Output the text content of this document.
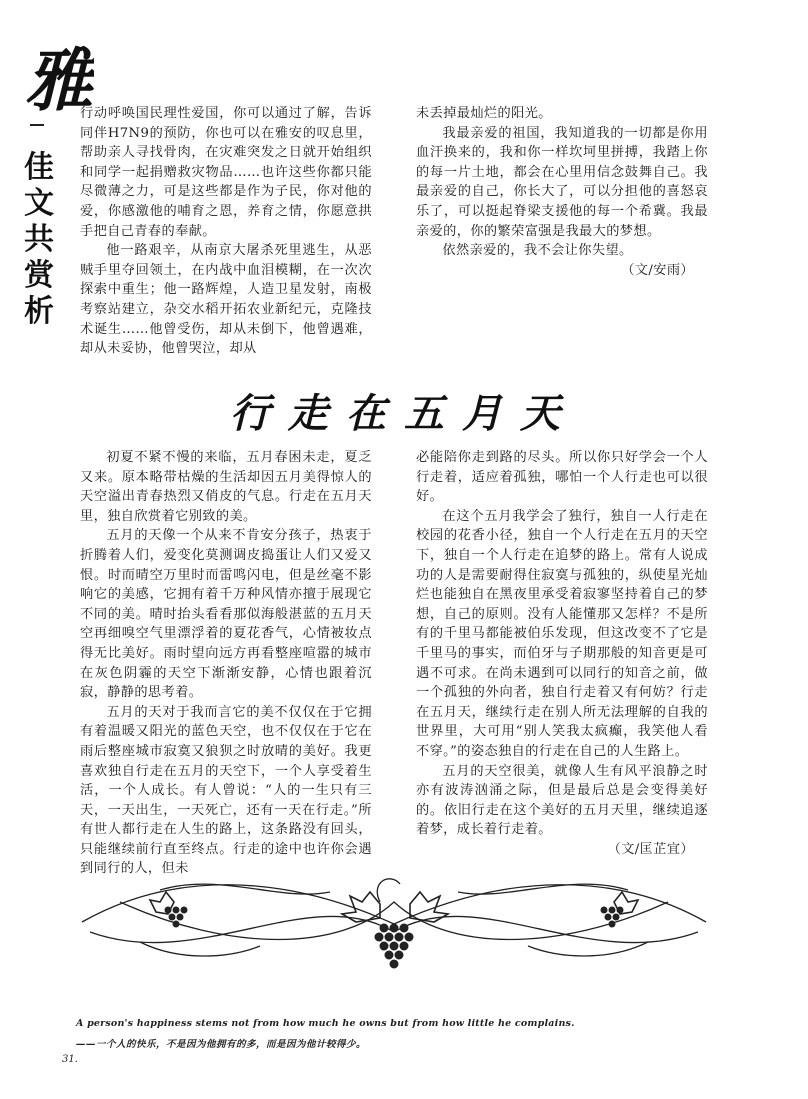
雅
佳文共赏析

行动呼唤国民理性爱国，你可以通过了解，告诉同伴H7N9的预防，你也可以在雅安的叹息里，帮助亲人寻找骨肉，在灾难突发之日就开始组织和同学一起捐赠救灾物品……也许这些你都只能尽微薄之力，可是这些都是作为子民，你对他的爱，你感激他的哺育之恩，养育之情，你愿意拱手把自己青春的奉献。

他一路艰辛，从南京大屠杀死里逃生，从恶贼手里夺回领土，在内战中血泪模糊，在一次次探索中重生；他一路辉煌，人造卫星发射，南极考察站建立，杂交水稻开拓农业新纪元，克隆技术诞生……他曾受伤，却从未倒下，他曾遇难，却从未妥协，他曾哭泣，却从

未丢掉最灿烂的阳光。

我最亲爱的祖国，我知道我的一切都是你用血汗换来的，我和你一样坎坷里拼搏，我踏上你的每一片土地，都会在心里用信念鼓舞自己。我最亲爱的自己，你长大了，可以分担他的喜怒哀乐了，可以挺起脊梁支援他的每一个希冀。我最亲爱的，你的繁荣富强是我最大的梦想。

依然亲爱的，我不会让你失望。

（文/安雨）

行走在五月天

初夏不紧不慢的来临，五月春困未走，夏乏又来。原本略带枯燥的生活却因五月美得惊人的天空溢出青春热烈又俏皮的气息。行走在五月天里，独自欣赏着它别致的美。

五月的天像一个从来不肯安分孩子，热衷于折腾着人们，爱变化莫测调皮捣蛋让人们又爱又恨。时而晴空万里时而雷鸣闪电，但是丝毫不影响它的美感，它拥有着千万种风情亦擅于展现它不同的美。晴时抬头看看那似海般湛蓝的五月天空再细嗅空气里漂浮着的夏花香气，心情被妆点得无比美好。雨时望向远方再看整座喧嚣的城市在灰色阴霾的天空下渐渐安静，心情也跟着沉寂，静静的思考着。

五月的天对于我而言它的美不仅仅在于它拥有着温暖又阳光的蓝色天空，也不仅仅在于它在雨后整座城市寂寞又狼狈之时放晴的美好。我更喜欢独自行走在五月的天空下，一个人享受着生活，一个人成长。有人曾说：“人的一生只有三天，一天出生，一天死亡，还有一天在行走。”所有世人都行走在人生的路上，这条路没有回头，只能继续前行直至终点。行走的途中也许你会遇到同行的人，但未

必能陪你走到路的尽头。所以你只好学会一个人行走着，适应着孤独，哪怕一个人行走也可以很好。

在这个五月我学会了独行，独自一人行走在校园的花香小径，独自一个人行走在五月的天空下，独自一个人行走在追梦的路上。常有人说成功的人是需要耐得住寂寞与孤独的，纵使星光灿烂也能独自在黑夜里承受着寂寥坚持着自己的梦想，自己的原则。没有人能懂那又怎样？不是所有的千里马都能被伯乐发现，但这改变不了它是千里马的事实，而伯牙与子期那般的知音更是可遇不可求。在尚未遇到可以同行的知音之前，做一个孤独的外向者，独自行走着又有何妨？行走在五月天，继续行走在别人所无法理解的自我的世界里，大可用“别人笑我太疯癫，我笑他人看不穿。”的姿态独自的行走在自己的人生路上。

五月的天空很美，就像人生有风平浪静之时亦有波涛汹涌之际，但是最后总是会变得美好的。依旧行走在这个美好的五月天里，继续追逐着梦，成长着行走着。

（文/匡芷宜）

A person's happiness stems not from how much he owns but from how little he complains.
——一个人的快乐，不是因为他拥有的多，而是因为他计较得少。
31.
